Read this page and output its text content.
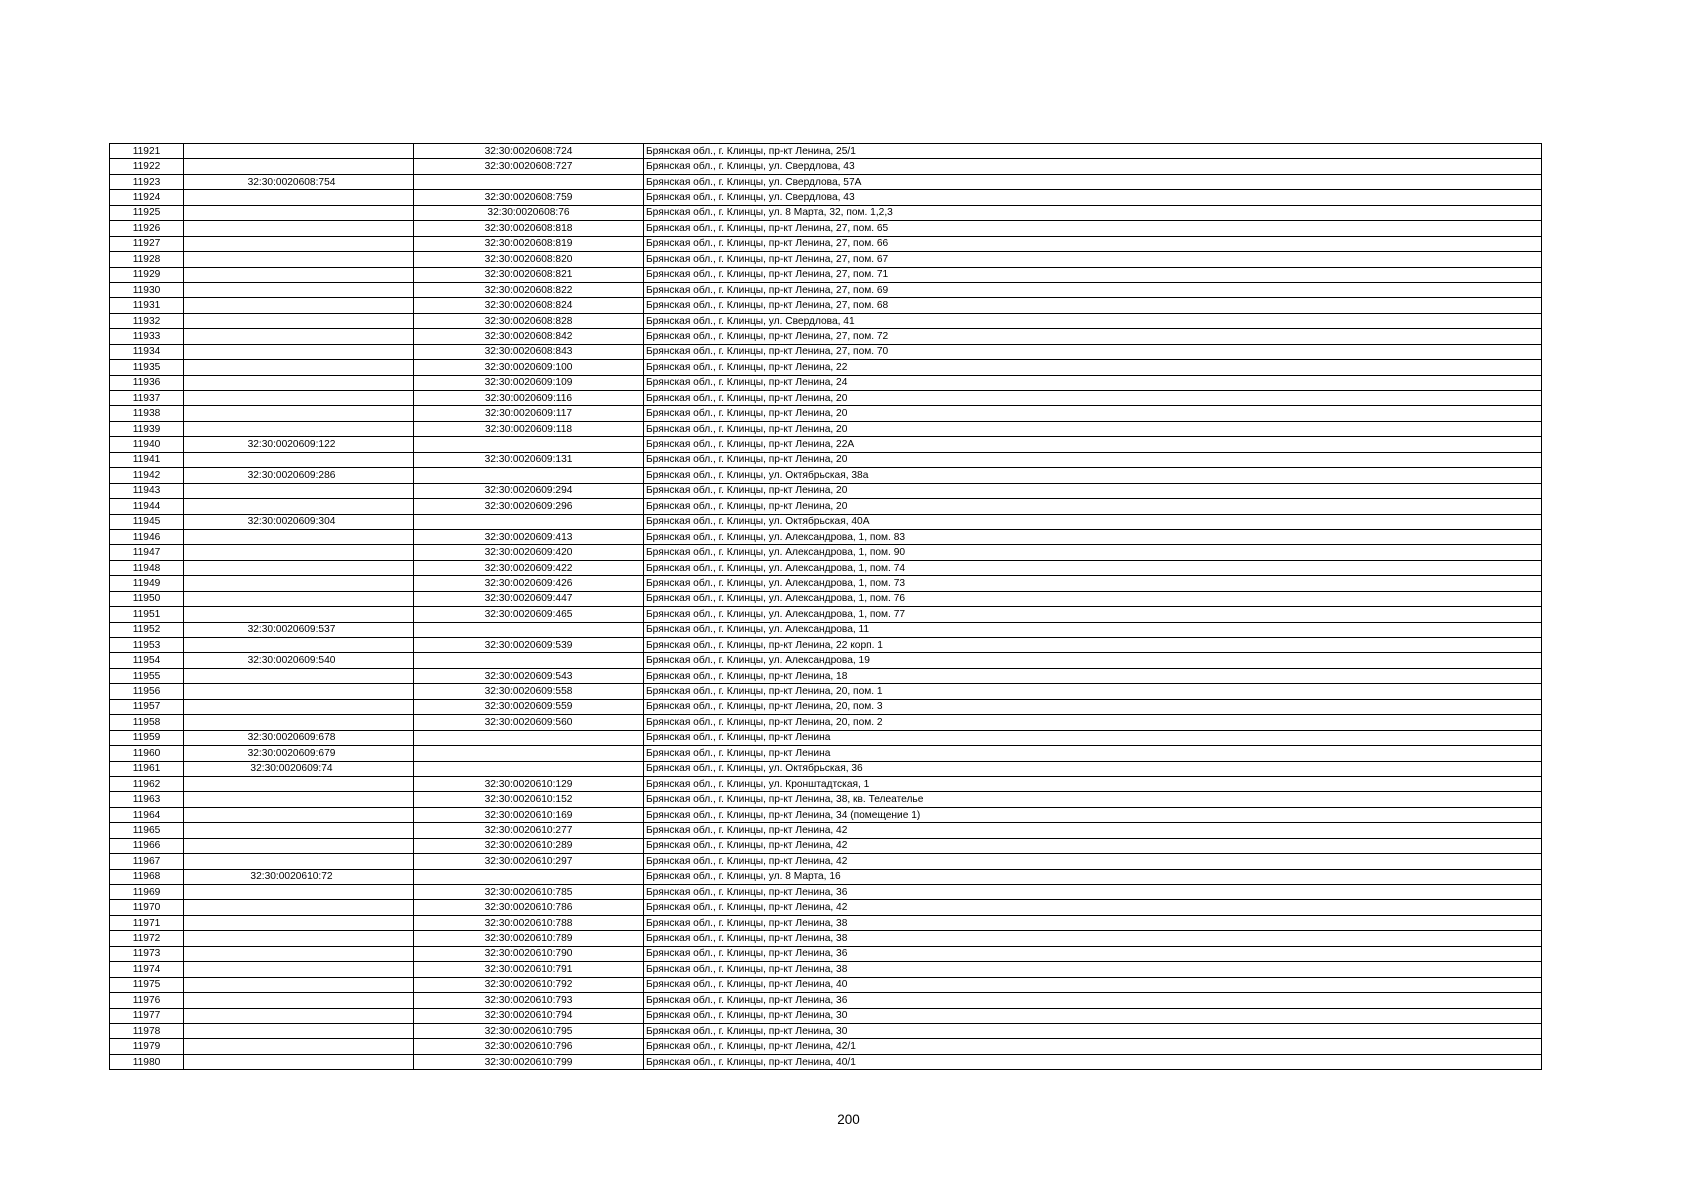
11921		32:30:0020608:724	Брянская обл., г. Клинцы, пр-кт Ленина, 25/1
11922		32:30:0020608:727	Брянская обл., г. Клинцы, ул. Свердлова, 43
11923	32:30:0020608:754		Брянская обл., г. Клинцы, ул. Свердлова, 57А
11924		32:30:0020608:759	Брянская обл., г. Клинцы, ул. Свердлова, 43
11925		32:30:0020608:76	Брянская обл., г. Клинцы, ул. 8 Марта, 32, пом. 1,2,3
11926		32:30:0020608:818	Брянская обл., г. Клинцы, пр-кт Ленина, 27, пом. 65
11927		32:30:0020608:819	Брянская обл., г. Клинцы, пр-кт Ленина, 27, пом. 66
11928		32:30:0020608:820	Брянская обл., г. Клинцы, пр-кт Ленина, 27, пом. 67
11929		32:30:0020608:821	Брянская обл., г. Клинцы, пр-кт Ленина, 27, пом. 71
11930		32:30:0020608:822	Брянская обл., г. Клинцы, пр-кт Ленина, 27, пом. 69
11931		32:30:0020608:824	Брянская обл., г. Клинцы, пр-кт Ленина, 27, пом. 68
11932		32:30:0020608:828	Брянская обл., г. Клинцы, ул. Свердлова, 41
11933		32:30:0020608:842	Брянская обл., г. Клинцы, пр-кт Ленина, 27, пом. 72
11934		32:30:0020608:843	Брянская обл., г. Клинцы, пр-кт Ленина, 27, пом. 70
11935		32:30:0020609:100	Брянская обл., г. Клинцы, пр-кт Ленина, 22
11936		32:30:0020609:109	Брянская обл., г. Клинцы, пр-кт Ленина, 24
11937		32:30:0020609:116	Брянская обл., г. Клинцы, пр-кт Ленина, 20
11938		32:30:0020609:117	Брянская обл., г. Клинцы, пр-кт Ленина, 20
11939		32:30:0020609:118	Брянская обл., г. Клинцы, пр-кт Ленина, 20
11940	32:30:0020609:122		Брянская обл., г. Клинцы, пр-кт Ленина, 22А
11941		32:30:0020609:131	Брянская обл., г. Клинцы, пр-кт Ленина, 20
11942	32:30:0020609:286		Брянская обл., г. Клинцы, ул. Октябрьская, 38а
11943		32:30:0020609:294	Брянская обл., г. Клинцы, пр-кт Ленина, 20
11944		32:30:0020609:296	Брянская обл., г. Клинцы, пр-кт Ленина, 20
11945	32:30:0020609:304		Брянская обл., г. Клинцы, ул. Октябрьская, 40А
11946		32:30:0020609:413	Брянская обл., г. Клинцы, ул. Александрова, 1, пом. 83
11947		32:30:0020609:420	Брянская обл., г. Клинцы, ул. Александрова, 1, пом. 90
11948		32:30:0020609:422	Брянская обл., г. Клинцы, ул. Александрова, 1, пом. 74
11949		32:30:0020609:426	Брянская обл., г. Клинцы, ул. Александрова, 1, пом. 73
11950		32:30:0020609:447	Брянская обл., г. Клинцы, ул. Александрова, 1, пом. 76
11951		32:30:0020609:465	Брянская обл., г. Клинцы, ул. Александрова, 1, пом. 77
11952	32:30:0020609:537		Брянская обл., г. Клинцы, ул. Александрова, 11
11953		32:30:0020609:539	Брянская обл., г. Клинцы, пр-кт Ленина, 22 корп. 1
11954	32:30:0020609:540		Брянская обл., г. Клинцы, ул. Александрова, 19
11955		32:30:0020609:543	Брянская обл., г. Клинцы, пр-кт Ленина, 18
11956		32:30:0020609:558	Брянская обл., г. Клинцы, пр-кт Ленина, 20, пом. 1
11957		32:30:0020609:559	Брянская обл., г. Клинцы, пр-кт Ленина, 20, пом. 3
11958		32:30:0020609:560	Брянская обл., г. Клинцы, пр-кт Ленина, 20, пом. 2
11959	32:30:0020609:678		Брянская обл., г. Клинцы, пр-кт Ленина
11960	32:30:0020609:679		Брянская обл., г. Клинцы, пр-кт Ленина
11961	32:30:0020609:74		Брянская обл., г. Клинцы, ул. Октябрьская, 36
11962		32:30:0020610:129	Брянская обл., г. Клинцы, ул. Кронштадтская, 1
11963		32:30:0020610:152	Брянская обл., г. Клинцы, пр-кт Ленина, 38, кв. Телеателье
11964		32:30:0020610:169	Брянская обл., г. Клинцы, пр-кт Ленина, 34 (помещение 1)
11965		32:30:0020610:277	Брянская обл., г. Клинцы, пр-кт Ленина, 42
11966		32:30:0020610:289	Брянская обл., г. Клинцы, пр-кт Ленина, 42
11967		32:30:0020610:297	Брянская обл., г. Клинцы, пр-кт Ленина, 42
11968	32:30:0020610:72		Брянская обл., г. Клинцы, ул. 8 Марта, 16
11969		32:30:0020610:785	Брянская обл., г. Клинцы, пр-кт Ленина, 36
11970		32:30:0020610:786	Брянская обл., г. Клинцы, пр-кт Ленина, 42
11971		32:30:0020610:788	Брянская обл., г. Клинцы, пр-кт Ленина, 38
11972		32:30:0020610:789	Брянская обл., г. Клинцы, пр-кт Ленина, 38
11973		32:30:0020610:790	Брянская обл., г. Клинцы, пр-кт Ленина, 36
11974		32:30:0020610:791	Брянская обл., г. Клинцы, пр-кт Ленина, 38
11975		32:30:0020610:792	Брянская обл., г. Клинцы, пр-кт Ленина, 40
11976		32:30:0020610:793	Брянская обл., г. Клинцы, пр-кт Ленина, 36
11977		32:30:0020610:794	Брянская обл., г. Клинцы, пр-кт Ленина, 30
11978		32:30:0020610:795	Брянская обл., г. Клинцы, пр-кт Ленина, 30
11979		32:30:0020610:796	Брянская обл., г. Клинцы, пр-кт Ленина, 42/1
11980		32:30:0020610:799	Брянская обл., г. Клинцы, пр-кт Ленина, 40/1
200
